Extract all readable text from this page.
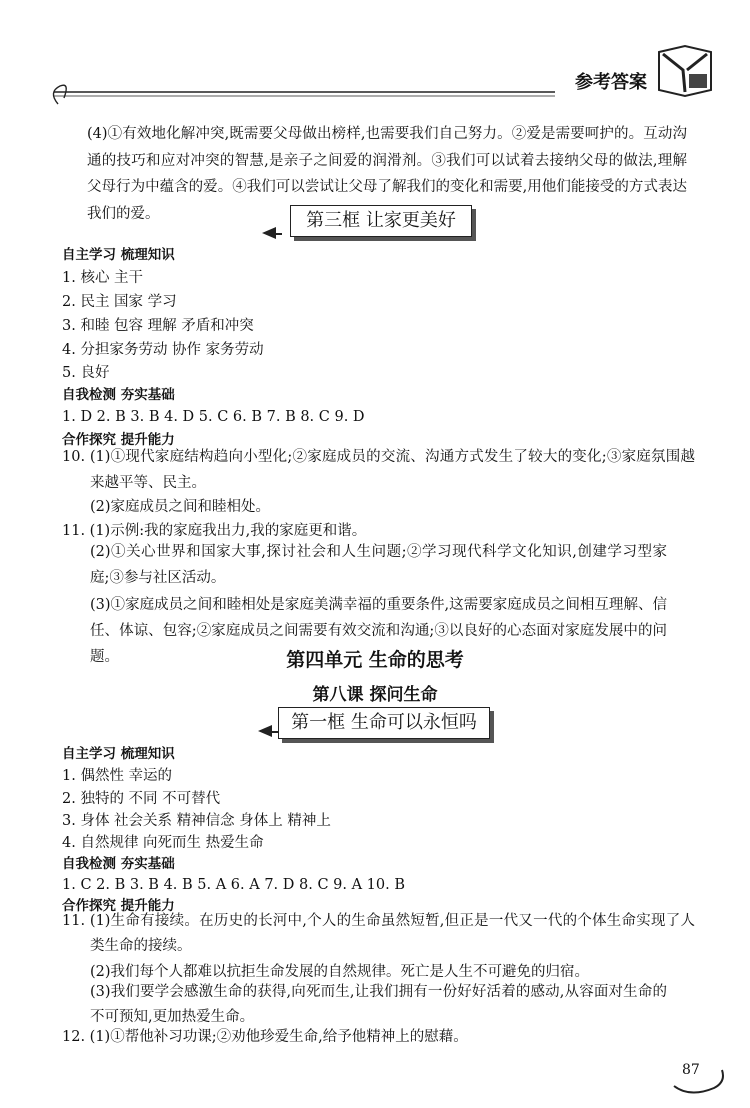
参考答案
(4)①有效地化解冲突,既需要父母做出榜样,也需要我们自己努力。②爱是需要呵护的。互动沟通的技巧和应对冲突的智慧,是亲子之间爱的润滑剂。③我们可以试着去接纳父母的做法,理解父母行为中蕴含的爱。④我们可以尝试让父母了解我们的变化和需要,用他们能接受的方式表达我们的爱。	第三框 让家更美好
自主学习 梳理知识
1. 核心 主干
2. 民主 国家 学习
3. 和睦 包容 理解 矛盾和冲突
4. 分担家务劳动 协作 家务劳动
5. 良好
自我检测 夯实基础
1. D 2. B 3. B 4. D 5. C 6. B 7. B 8. C 9. D
合作探究 提升能力
10. (1)①现代家庭结构趋向小型化;②家庭成员的交流、沟通方式发生了较大的变化;③家庭氛围越来越平等、民主。
(2)家庭成员之间和睦相处。
11. (1)示例:我的家庭我出力,我的家庭更和谐。
(2)①关心世界和国家大事,探讨社会和人生问题;②学习现代科学文化知识,创建学习型家庭;③参与社区活动。
(3)①家庭成员之间和睦相处是家庭美满幸福的重要条件,这需要家庭成员之间相互理解、信任、体谅、包容;②家庭成员之间需要有效交流和沟通;③以良好的心态面对家庭发展中的问题。	第四单元 生命的思考
第八课 探问生命
第一框 生命可以永恒吗
自主学习 梳理知识
1. 偶然性 幸运的
2. 独特的 不同 不可替代
3. 身体 社会关系 精神信念 身体上 精神上
4. 自然规律 向死而生 热爱生命
自我检测 夯实基础
1. C 2. B 3. B 4. B 5. A 6. A 7. D 8. C 9. A 10. B
合作探究 提升能力
11. (1)生命有接续。在历史的长河中,个人的生命虽然短暂,但正是一代又一代的个体生命实现了人类生命的接续。
(2)我们每个人都难以抗拒生命发展的自然规律。死亡是人生不可避免的归宿。
(3)我们要学会感激生命的获得,向死而生,让我们拥有一份好好活着的感动,从容面对生命的不可预知,更加热爱生命。
12. (1)①帮他补习功课;②劝他珍爱生命,给予他精神上的慰藉。
87
